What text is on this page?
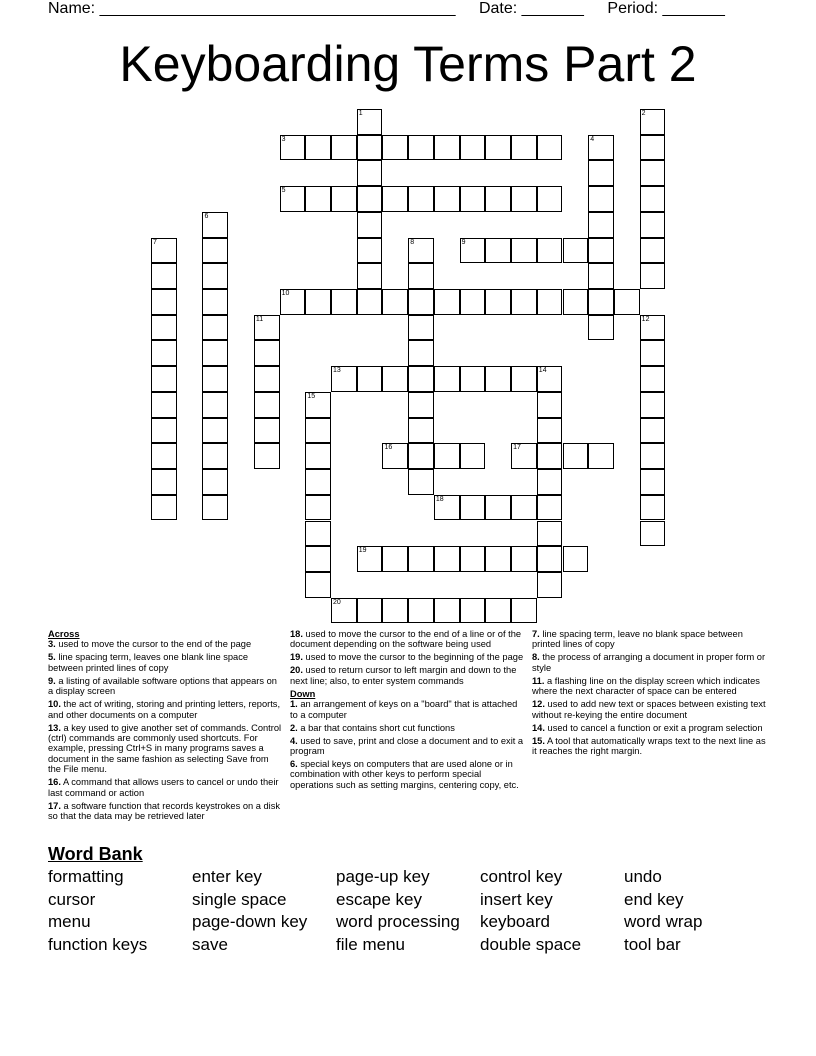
Name: ________________________________________ Date: _______ Period: _______
Keyboarding Terms Part 2
1	2
3	4
5
6
7	8	9
10
11	12
13	14
15
16	17
18
19
20
Across
3. used to move the cursor to the end of the page
5. line spacing term, leaves one blank line space between printed lines of copy
9. a listing of available software options that appears on a display screen
10. the act of writing, storing and printing letters, reports, and other documents on a computer
13. a key used to give another set of commands. Control (ctrl) commands are commonly used shortcuts. For example, pressing Ctrl+S in many programs saves a document in the same fashion as selecting Save from the File menu.
16. A command that allows users to cancel or undo their last command or action
17. a software function that records keystrokes on a disk so that the data may be retrieved later
18. used to move the cursor to the end of a line or of the document depending on the software being used
19. used to move the cursor to the beginning of the page
20. used to return cursor to left margin and down to the next line; also, to enter system commands
Down
1. an arrangement of keys on a "board" that is attached to a computer
2. a bar that contains short cut functions
4. used to save, print and close a document and to exit a program
6. special keys on computers that are used alone or in combination with other keys to perform special operations such as setting margins, centering copy, etc.
7. line spacing term, leave no blank space between printed lines of copy
8. the process of arranging a document in proper form or style
11. a flashing line on the display screen which indicates where the next character of space can be entered
12. used to add new text or spaces between existing text without re-keying the entire document
14. used to cancel a function or exit a program selection
15. A tool that automatically wraps text to the next line as it reaches the right margin.
Word Bank
formatting
cursor
menu
function keys
enter key
single space
page-down key
save
page-up key
escape key
word processing
file menu
control key
insert key
keyboard
double space
undo
end key
word wrap
tool bar
